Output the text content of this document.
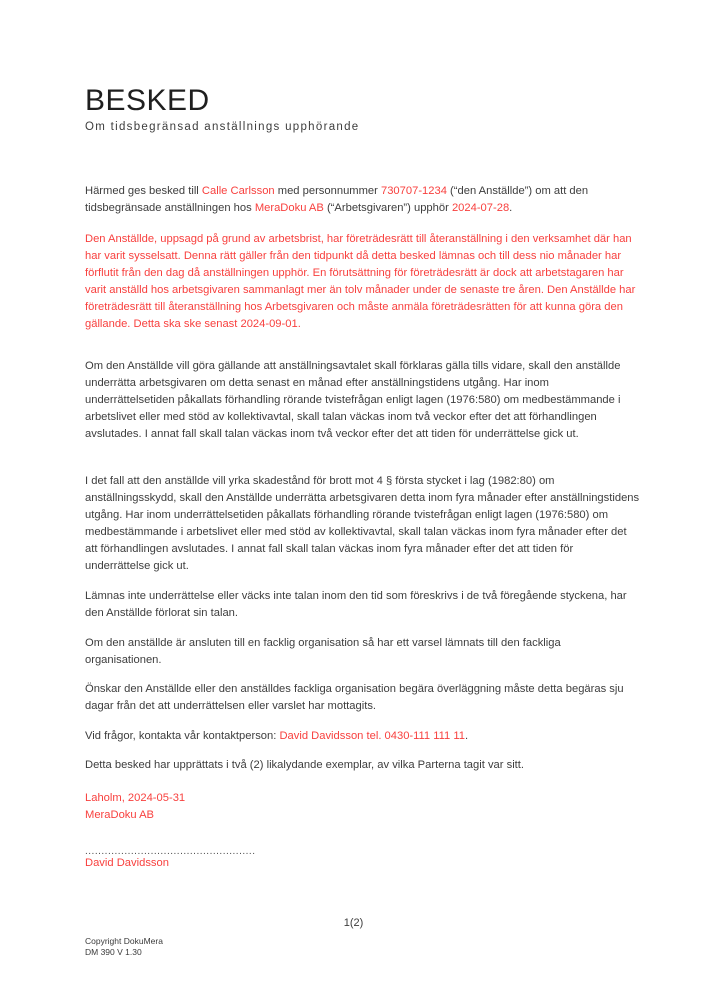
BESKED
Om tidsbegränsad anställnings upphörande
Härmed ges besked till Calle Carlsson med personnummer 730707-1234 (“den Anställde”) om att den tidsbegränsade anställningen hos MeraDoku AB (“Arbetsgivaren”) upphör 2024-07-28.
Den Anställde, uppsagd på grund av arbetsbrist, har företrädesrätt till återanställning i den verksamhet där han har varit sysselsatt. Denna rätt gäller från den tidpunkt då detta besked lämnas och till dess nio månader har förflutit från den dag då anställningen upphör. En förutsättning för företrädesrätt är dock att arbetstagaren har varit anställd hos arbetsgivaren sammanlagt mer än tolv månader under de senaste tre åren. Den Anställde har företrädesrätt till återanställning hos Arbetsgivaren och måste anmäla företrädesrätten för att kunna göra den gällande. Detta ska ske senast 2024-09-01.
Om den Anställde vill göra gällande att anställningsavtalet skall förklaras gälla tills vidare, skall den anställde underrätta arbetsgivaren om detta senast en månad efter anställningstidens utgång. Har inom underrättelsetiden påkallats förhandling rörande tvistefrågan enligt lagen (1976:580) om medbestämmande i arbetslivet eller med stöd av kollektivavtal, skall talan väckas inom två veckor efter det att förhandlingen avslutades. I annat fall skall talan väckas inom två veckor efter det att tiden för underrättelse gick ut.
I det fall att den anställde vill yrka skadestånd för brott mot 4 § första stycket i lag (1982:80) om anställningsskydd, skall den Anställde underrätta arbetsgivaren detta inom fyra månader efter anställningstidens utgång. Har inom underrättelsetiden påkallats förhandling rörande tvistefrågan enligt lagen (1976:580) om medbestämmande i arbetslivet eller med stöd av kollektivavtal, skall talan väckas inom fyra månader efter det att förhandlingen avslutades. I annat fall skall talan väckas inom fyra månader efter det att tiden för underrättelse gick ut.
Lämnas inte underrättelse eller väcks inte talan inom den tid som föreskrivs i de två föregående styckena, har den Anställde förlorat sin talan.
Om den anställde är ansluten till en facklig organisation så har ett varsel lämnats till den fackliga organisationen.
Önskar den Anställde eller den anställdes fackliga organisation begära överläggning måste detta begäras sju dagar från det att underrättelsen eller varslet har mottagits.
Vid frågor, kontakta vår kontaktperson: David Davidsson tel. 0430-111 111 11.
Detta besked har upprättats i två (2) likalydande exemplar, av vilka Parterna tagit var sitt.
Laholm, 2024-05-31
MeraDoku AB
....................................................
David Davidsson
1(2)
Copyright DokuMera
DM 390 V 1.30
